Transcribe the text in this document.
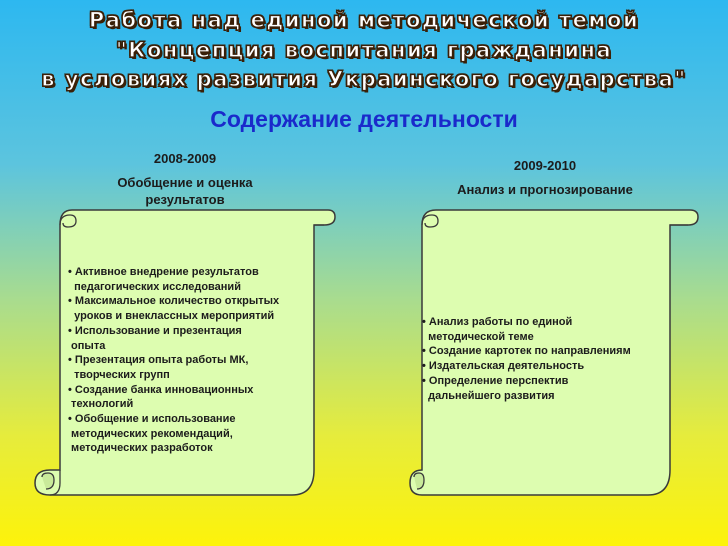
Работа над единой методической темой
"Концепция воспитания гражданина
в условиях развития Украинского государства"
Содержание деятельности
2008-2009
Обобщение и оценка
результатов
2009-2010
Анализ и прогнозирование

• Активное внедрение результатов

педагогических исследований

• Максимальное количество открытых

уроков и внеклассных мероприятий

• Использование и презентация

опыта

• Презентация опыта работы МК,

творческих групп

• Создание банка инновационных

технологий

• Обобщение и использование

методических рекомендаций,

методических разработок

• Анализ работы по единой

методической теме

• Создание картотек по направлениям

• Издательская деятельность

• Определение перспектив

дальнейшего развития
